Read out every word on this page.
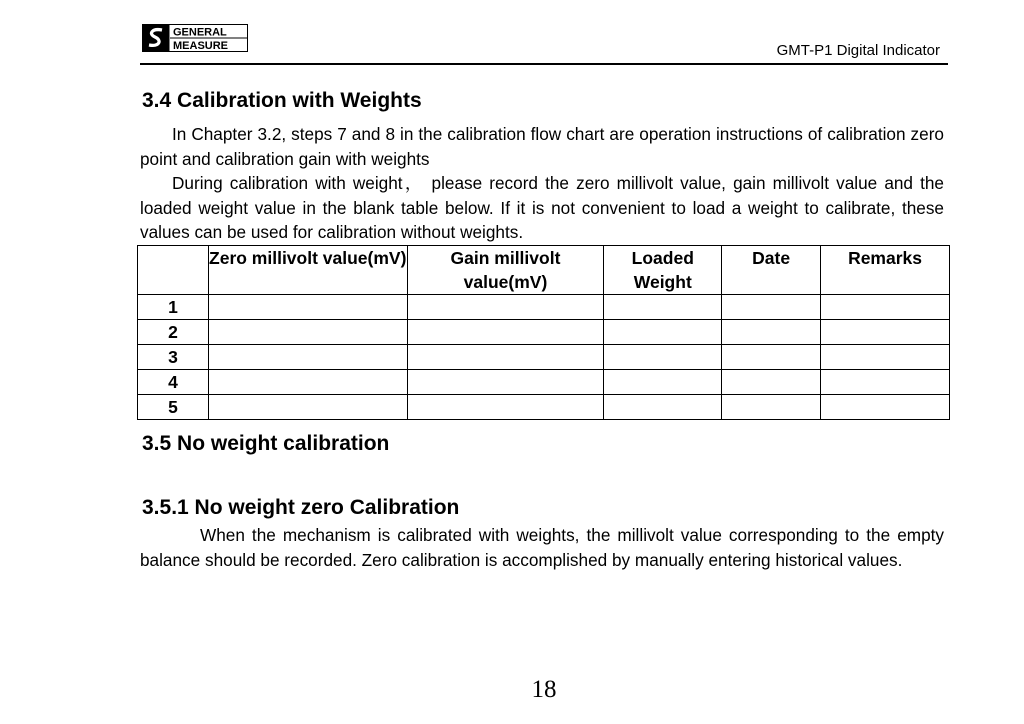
GENERAL
MEASURE	GMT-P1 Digital Indicator
3.4 Calibration with Weights

In Chapter 3.2, steps 7 and 8 in the calibration flow chart are operation instructions of calibration zero point and calibration gain with weights

During calibration with weight， please record the zero millivolt value, gain millivolt value and the loaded weight value in the blank table below. If it is not convenient to load a weight to calibrate, these values can be used for calibration without weights.

	Zero millivolt value(mV)	Gain millivolt value(mV)	Loaded Weight	Date	Remarks
1					
2					
3					
4					
5					
3.5 No weight calibration
3.5.1 No weight zero Calibration

When the mechanism is calibrated with weights, the millivolt value corresponding to the empty balance should be recorded. Zero calibration is accomplished by manually entering historical values.

18
